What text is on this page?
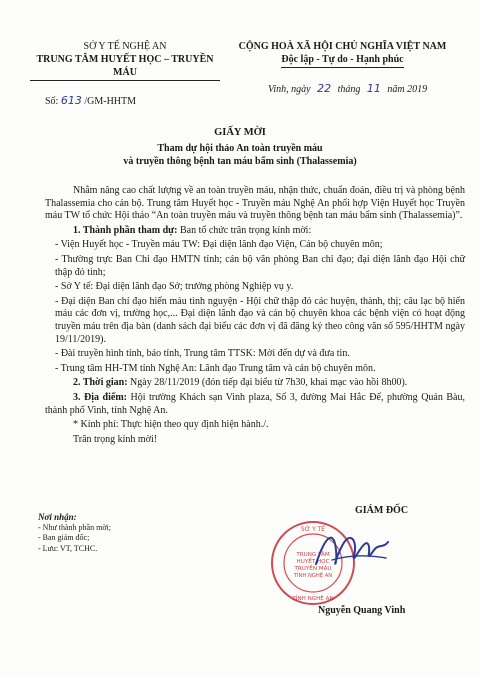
SỞ Y TẾ NGHỆ AN
TRUNG TÂM HUYẾT HỌC – TRUYỀN MÁU
CỘNG HOÀ XÃ HỘI CHỦ NGHĨA VIỆT NAM
Độc lập - Tự do - Hạnh phúc
Số: 613 /GM-HHTM
Vinh, ngày 22 tháng 11 năm 2019
GIẤY MỜI
Tham dự hội thảo An toàn truyền máu
và truyền thông bệnh tan máu bẩm sinh (Thalassemia)

Nhằm nâng cao chất lượng về an toàn truyền máu, nhận thức, chuẩn đoán, điều trị và phòng bệnh Thalassemia cho cán bộ. Trung tâm Huyết học - Truyền máu Nghệ An phối hợp Viện Huyết học Truyền máu TW tổ chức Hội thảo “An toàn truyền máu và truyền thông bệnh tan máu bẩm sinh (Thalassemia)”.

1. Thành phần tham dự: Ban tổ chức trân trọng kính mời:

- Viện Huyết học - Truyền máu TW: Đại diện lãnh đạo Viện, Cán bộ chuyên môn;

- Thường trực Ban Chỉ đạo HMTN tỉnh; cán bộ văn phòng Ban chỉ đạo; đại diện lãnh đạo Hội chữ thập đỏ tỉnh;

- Sở Y tế: Đại diện lãnh đạo Sở; trưởng phòng Nghiệp vụ y.

- Đại diện Ban chỉ đạo hiến máu tình nguyện - Hội chữ thập đỏ các huyện, thành, thị; câu lạc bộ hiến máu các đơn vị, trường học,... Đại diện lãnh đạo và cán bộ chuyên khoa các bệnh viện có hoạt động truyền máu trên địa bàn (danh sách đại biểu các đơn vị đã đăng ký theo công văn số 595/HHTM ngày 19/11/2019).

- Đài truyền hình tỉnh, báo tỉnh, Trung tâm TTSK: Mời đến dự và đưa tin.

- Trung tâm HH-TM tỉnh Nghệ An: Lãnh đạo Trung tâm và cán bộ chuyên môn.

2. Thời gian: Ngày 28/11/2019 (đón tiếp đại biểu từ 7h30, khai mạc vào hồi 8h00).

3. Địa điểm: Hội trường Khách sạn Vinh plaza, Số 3, đường Mai Hắc Đế, phường Quán Bàu, thành phố Vinh, tỉnh Nghệ An.

* Kính phí: Thực hiện theo quy định hiện hành./.

Trân trọng kính mời!

Nơi nhận:
- Như thành phần mời;
- Ban giám đốc;
- Lưu: VT, TCHC.
GIÁM ĐỐC
SỞ Y TẾ
TRUNG TÂM
HUYẾT HỌC
TRUYỀN MÁU
TỈNH NGHỆ AN
TỈNH NGHỆ AN
Nguyễn Quang Vinh
